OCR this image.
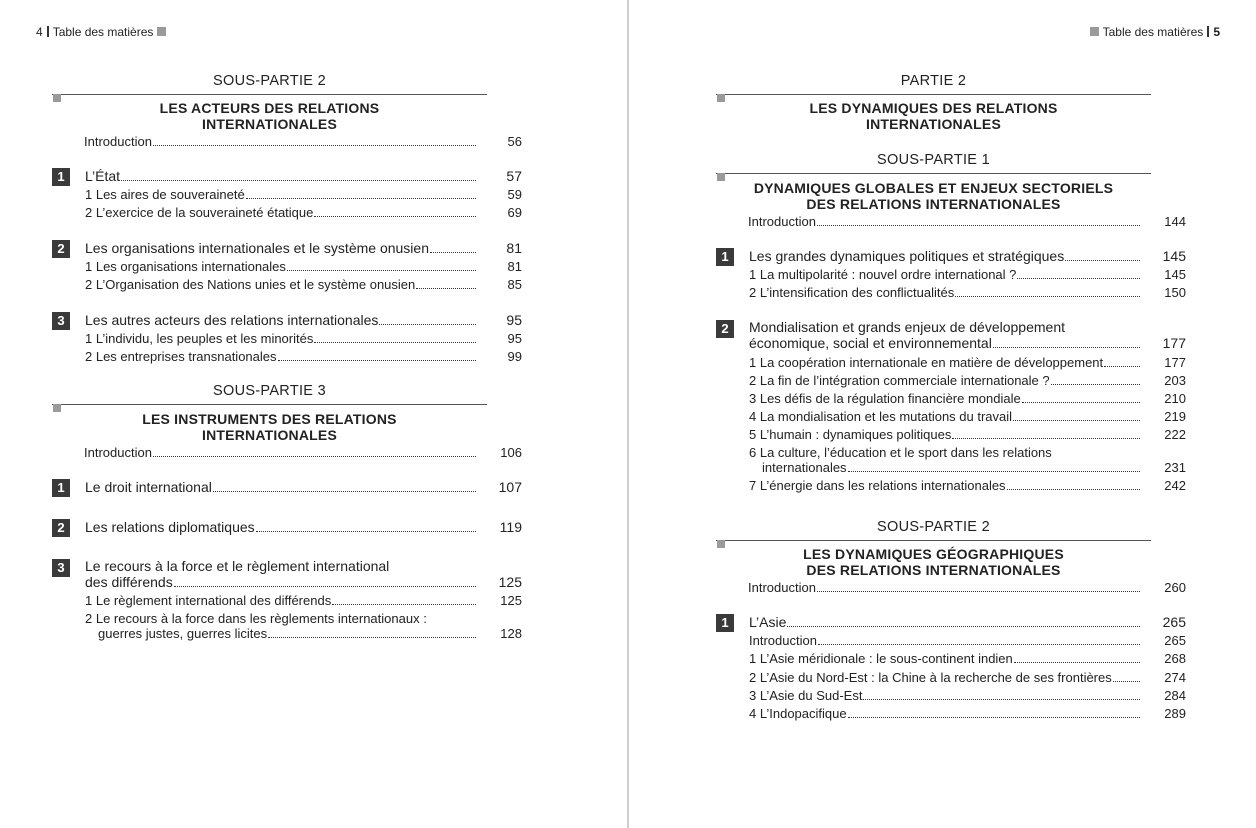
4 Table des matières
SOUS-PARTIE 2
LES ACTEURS DES RELATIONS
INTERNATIONALES
Introduction	56
1	L’État	57
1 Les aires de souveraineté	59
2 L’exercice de la souveraineté étatique	69
2	Les organisations internationales et le système onusien	81
1 Les organisations internationales	81
2 L’Organisation des Nations unies et le système onusien	85
3	Les autres acteurs des relations internationales	95
1 L’individu, les peuples et les minorités	95
2 Les entreprises transnationales	99
SOUS-PARTIE 3
LES INSTRUMENTS DES RELATIONS
INTERNATIONALES
Introduction	106
1	Le droit international	107
2	Les relations diplomatiques	119
3	Le recours à la force et le règlement international
des différends	125
1 Le règlement international des différends	125
2 Le recours à la force dans les règlements internationaux :
guerres justes, guerres licites	128
Table des matières 5
PARTIE 2
LES DYNAMIQUES DES RELATIONS
INTERNATIONALES
SOUS-PARTIE 1
DYNAMIQUES GLOBALES ET ENJEUX SECTORIELS
DES RELATIONS INTERNATIONALES
Introduction	144
1	Les grandes dynamiques politiques et stratégiques	145
1 La multipolarité : nouvel ordre international ?	145
2 L’intensification des conflictualités	150
2	Mondialisation et grands enjeux de développement
économique, social et environnemental	177
1 La coopération internationale en matière de développement	177
2 La fin de l’intégration commerciale internationale ?	203
3 Les défis de la régulation financière mondiale	210
4 La mondialisation et les mutations du travail	219
5 L’humain : dynamiques politiques	222
6 La culture, l’éducation et le sport dans les relations
internationales	231
7 L’énergie dans les relations internationales	242
SOUS-PARTIE 2
LES DYNAMIQUES GÉOGRAPHIQUES
DES RELATIONS INTERNATIONALES
Introduction	260
1	L’Asie	265
Introduction	265
1 L’Asie méridionale : le sous-continent indien	268
2 L’Asie du Nord-Est : la Chine à la recherche de ses frontières	274
3 L’Asie du Sud-Est	284
4 L’Indopacifique	289
